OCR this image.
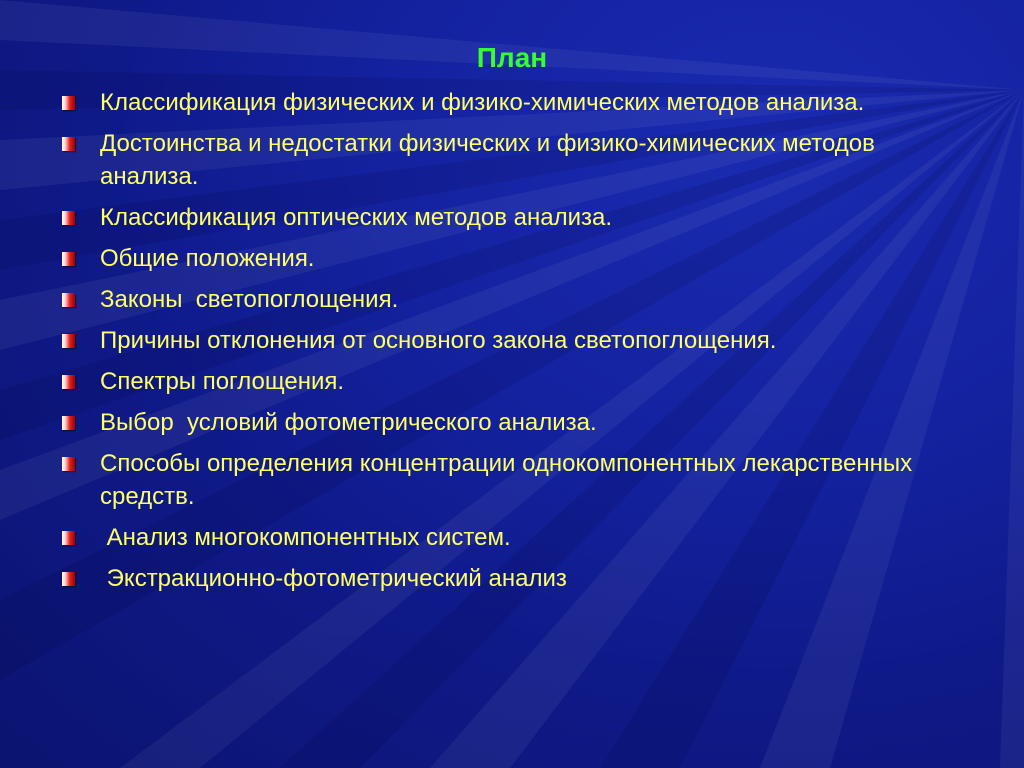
План
Классификация физических и физико-химических методов анализа.
Достоинства и недостатки физических и физико-химических методов анализа.
Классификация оптических методов анализа.
Общие положения.
Законы  светопоглощения.
Причины отклонения от основного закона светопоглощения.
Спектры поглощения.
Выбор  условий фотометрического анализа.
Способы определения концентрации однокомпонентных лекарственных средств.
Анализ многокомпонентных систем.
Экстракционно-фотометрический анализ
